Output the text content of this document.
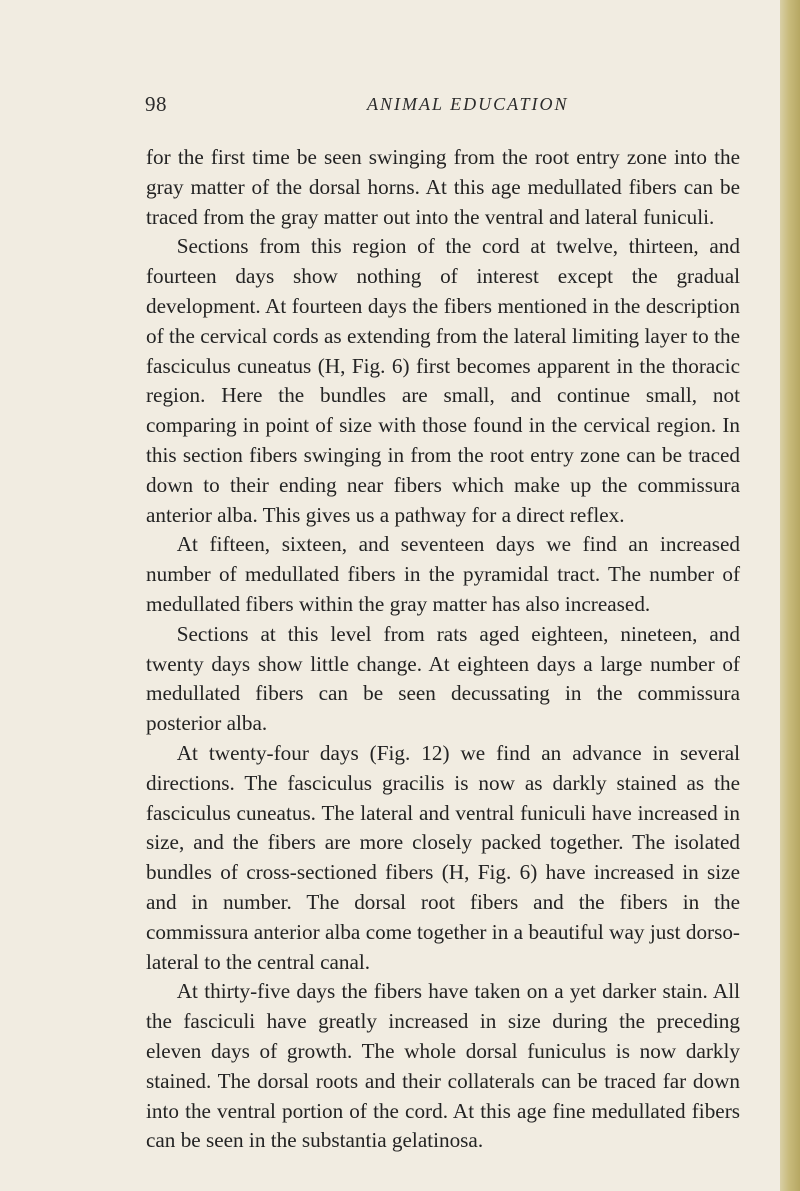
98	ANIMAL EDUCATION

for the first time be seen swinging from the root entry zone into the gray matter of the dorsal horns. At this age medullated fibers can be traced from the gray matter out into the ventral and lateral funiculi.

Sections from this region of the cord at twelve, thirteen, and fourteen days show nothing of interest except the gradual development. At fourteen days the fibers mentioned in the description of the cervical cords as extending from the lateral limiting layer to the fasciculus cuneatus (H, Fig. 6) first becomes apparent in the thoracic region. Here the bundles are small, and continue small, not comparing in point of size with those found in the cervical region. In this section fibers swinging in from the root entry zone can be traced down to their ending near fibers which make up the commissura anterior alba. This gives us a pathway for a direct reflex.

At fifteen, sixteen, and seventeen days we find an increased number of medullated fibers in the pyramidal tract. The number of medullated fibers within the gray matter has also increased.

Sections at this level from rats aged eighteen, nineteen, and twenty days show little change. At eighteen days a large number of medullated fibers can be seen decussating in the commissura posterior alba.

At twenty-four days (Fig. 12) we find an advance in several directions. The fasciculus gracilis is now as darkly stained as the fasciculus cuneatus. The lateral and ventral funiculi have increased in size, and the fibers are more closely packed together. The isolated bundles of cross-sectioned fibers (H, Fig. 6) have increased in size and in number. The dorsal root fibers and the fibers in the commissura anterior alba come together in a beautiful way just dorso-lateral to the central canal.

At thirty-five days the fibers have taken on a yet darker stain. All the fasciculi have greatly increased in size during the preceding eleven days of growth. The whole dorsal funiculus is now darkly stained. The dorsal roots and their collaterals can be traced far down into the ventral portion of the cord. At this age fine medullated fibers can be seen in the substantia gelatinosa.
